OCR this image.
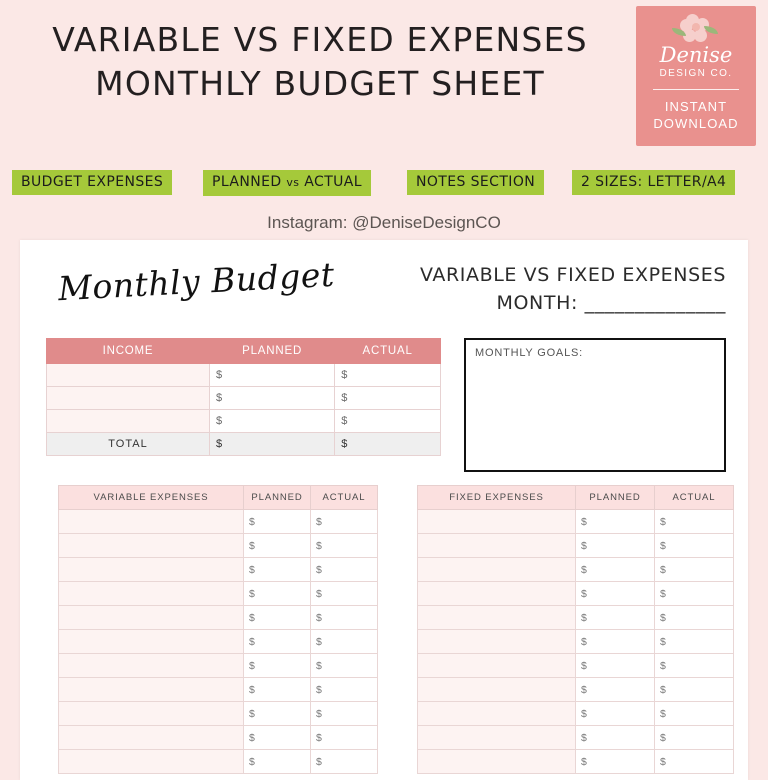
VARIABLE VS FIXED EXPENSES
MONTHLY BUDGET SHEET
Denise
DESIGN CO.
INSTANT
DOWNLOAD
BUDGET EXPENSES	PLANNED vs ACTUAL	NOTES SECTION	2 SIZES: LETTER/A4
Instagram: @DeniseDesignCO
Monthly Budget	VARIABLE VS FIXED EXPENSES
MONTH: ______________
INCOME	PLANNED	ACTUAL
	$	$
	$	$
	$	$
TOTAL	$	$
MONTHLY GOALS:
VARIABLE EXPENSES	PLANNED	ACTUAL
	$	$
	$	$
	$	$
	$	$
	$	$
	$	$
	$	$
	$	$
	$	$
	$	$
	$	$
FIXED EXPENSES	PLANNED	ACTUAL
	$	$
	$	$
	$	$
	$	$
	$	$
	$	$
	$	$
	$	$
	$	$
	$	$
	$	$
